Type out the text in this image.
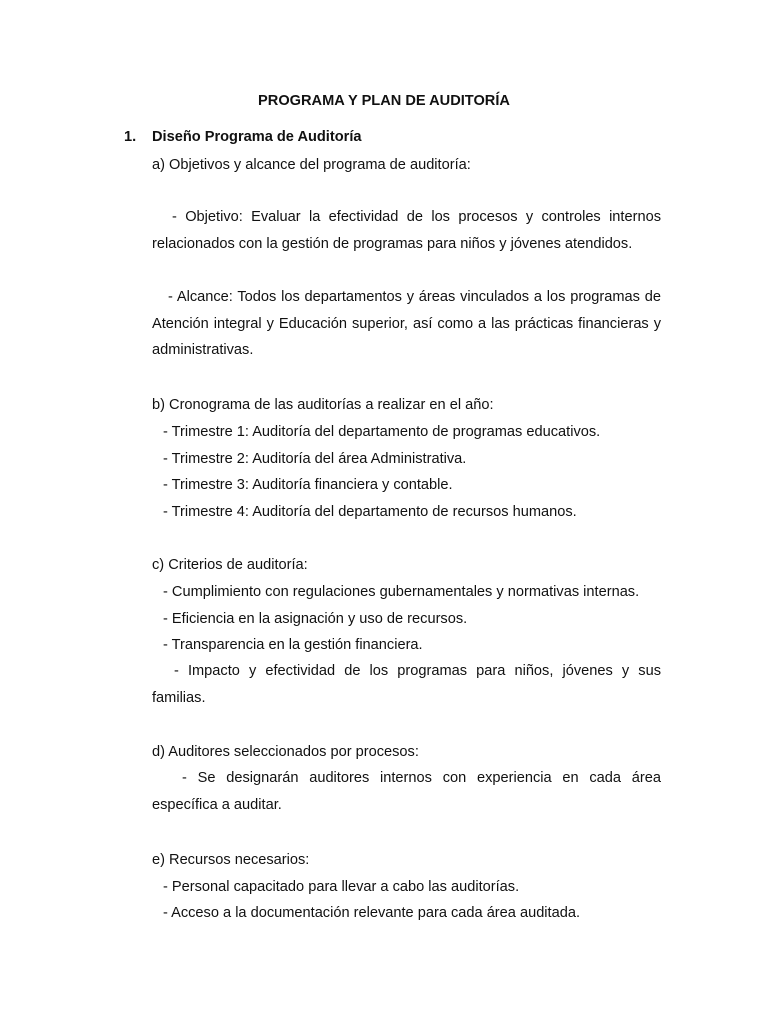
PROGRAMA Y PLAN DE AUDITORÍA
1. Diseño Programa de Auditoría
a) Objetivos y alcance del programa de auditoría:
- Objetivo: Evaluar la efectividad de los procesos y controles internos relacionados con la gestión de programas para niños y jóvenes atendidos.
- Alcance: Todos los departamentos y áreas vinculados a los programas de Atención integral y Educación superior, así como a las prácticas financieras y administrativas.
b) Cronograma de las auditorías a realizar en el año:
- Trimestre 1: Auditoría del departamento de programas educativos.
- Trimestre 2: Auditoría del área Administrativa.
- Trimestre 3: Auditoría financiera y contable.
- Trimestre 4: Auditoría del departamento de recursos humanos.
c) Criterios de auditoría:
- Cumplimiento con regulaciones gubernamentales y normativas internas.
- Eficiencia en la asignación y uso de recursos.
- Transparencia en la gestión financiera.
- Impacto y efectividad de los programas para niños, jóvenes y sus familias.
d) Auditores seleccionados por procesos:
- Se designarán auditores internos con experiencia en cada área específica a auditar.
e) Recursos necesarios:
- Personal capacitado para llevar a cabo las auditorías.
- Acceso a la documentación relevante para cada área auditada.
